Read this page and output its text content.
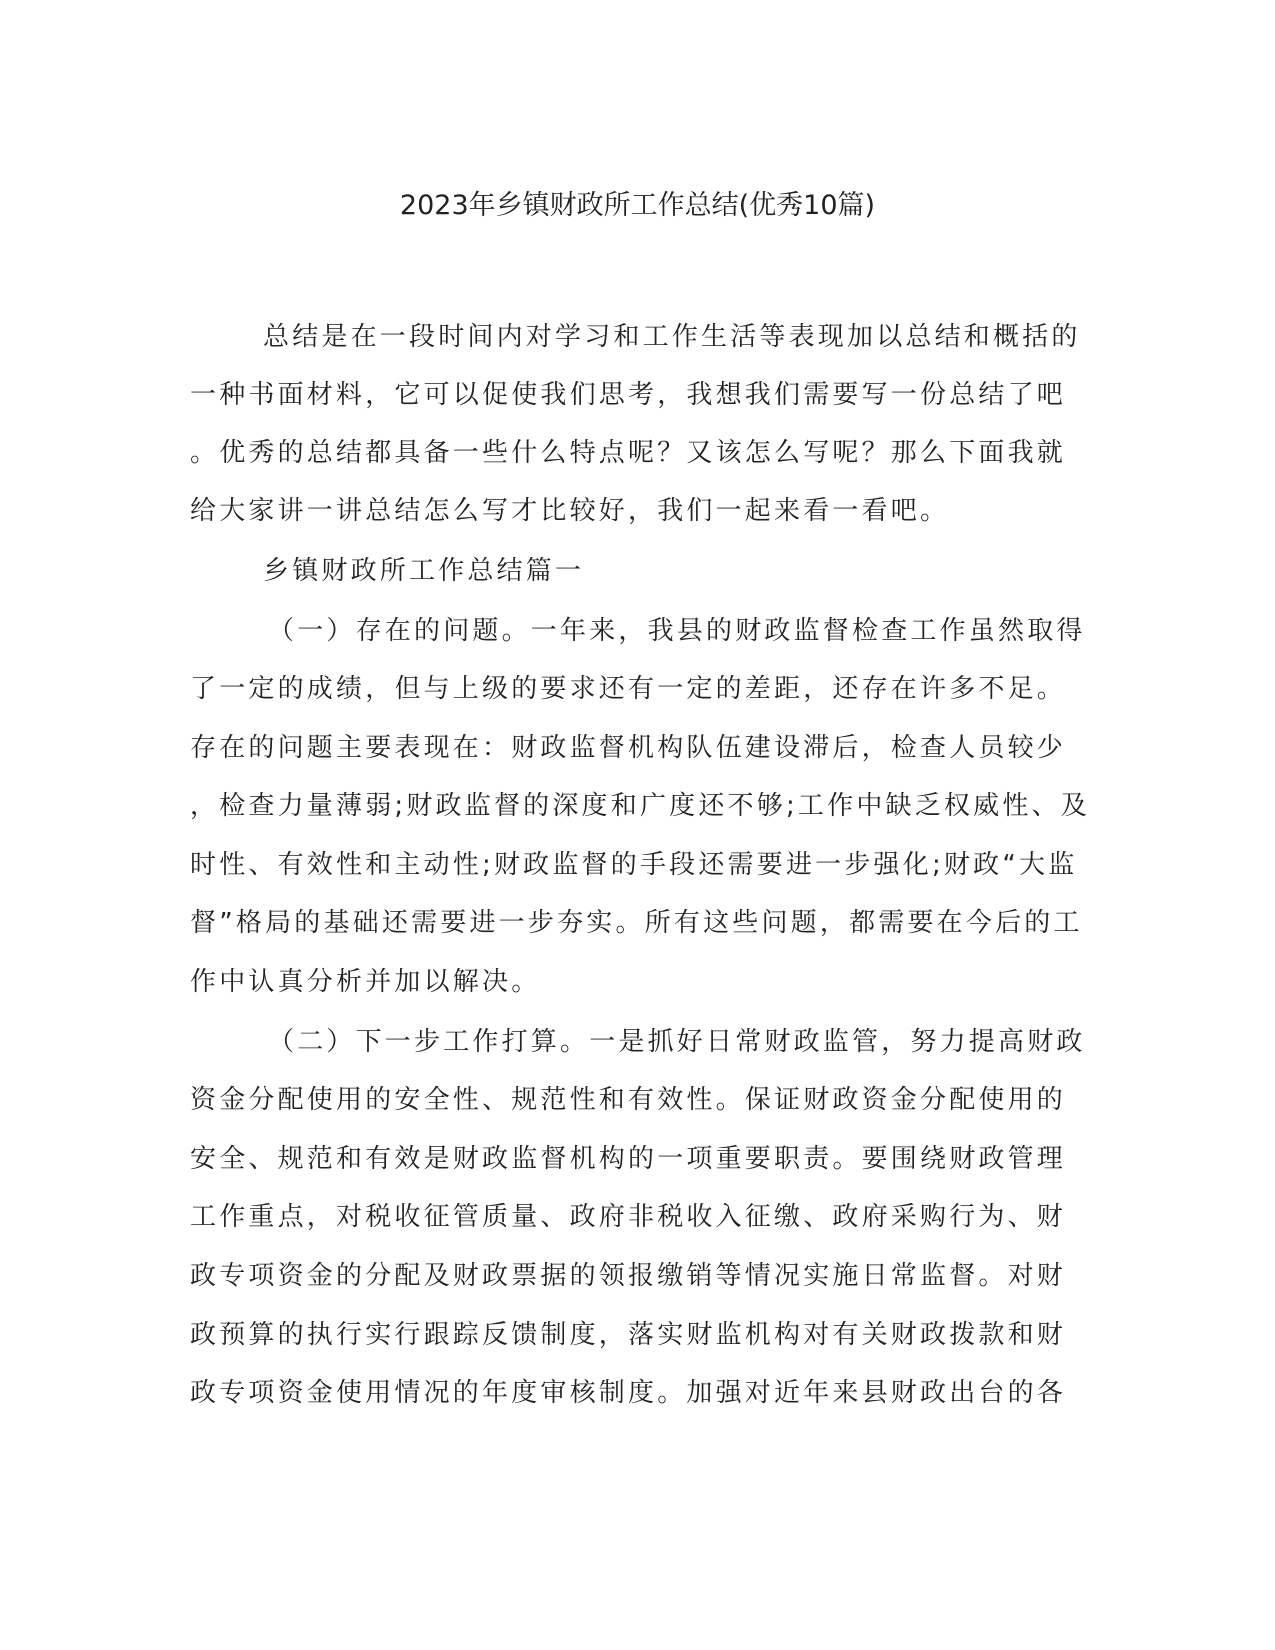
2023年乡镇财政所工作总结(优秀10篇)
总结是在一段时间内对学习和工作生活等表现加以总结和概括的
一种书面材料，它可以促使我们思考，我想我们需要写一份总结了吧
。优秀的总结都具备一些什么特点呢？又该怎么写呢？那么下面我就
给大家讲一讲总结怎么写才比较好，我们一起来看一看吧。
乡镇财政所工作总结篇一
（一）存在的问题。一年来，我县的财政监督检查工作虽然取得
了一定的成绩，但与上级的要求还有一定的差距，还存在许多不足。
存在的问题主要表现在：财政监督机构队伍建设滞后，检查人员较少
，检查力量薄弱;财政监督的深度和广度还不够;工作中缺乏权威性、及
时性、有效性和主动性;财政监督的手段还需要进一步强化;财政“大监
督”格局的基础还需要进一步夯实。所有这些问题，都需要在今后的工
作中认真分析并加以解决。
（二）下一步工作打算。一是抓好日常财政监管，努力提高财政
资金分配使用的安全性、规范性和有效性。保证财政资金分配使用的
安全、规范和有效是财政监督机构的一项重要职责。要围绕财政管理
工作重点，对税收征管质量、政府非税收入征缴、政府采购行为、财
政专项资金的分配及财政票据的领报缴销等情况实施日常监督。对财
政预算的执行实行跟踪反馈制度，落实财监机构对有关财政拨款和财
政专项资金使用情况的年度审核制度。加强对近年来县财政出台的各
